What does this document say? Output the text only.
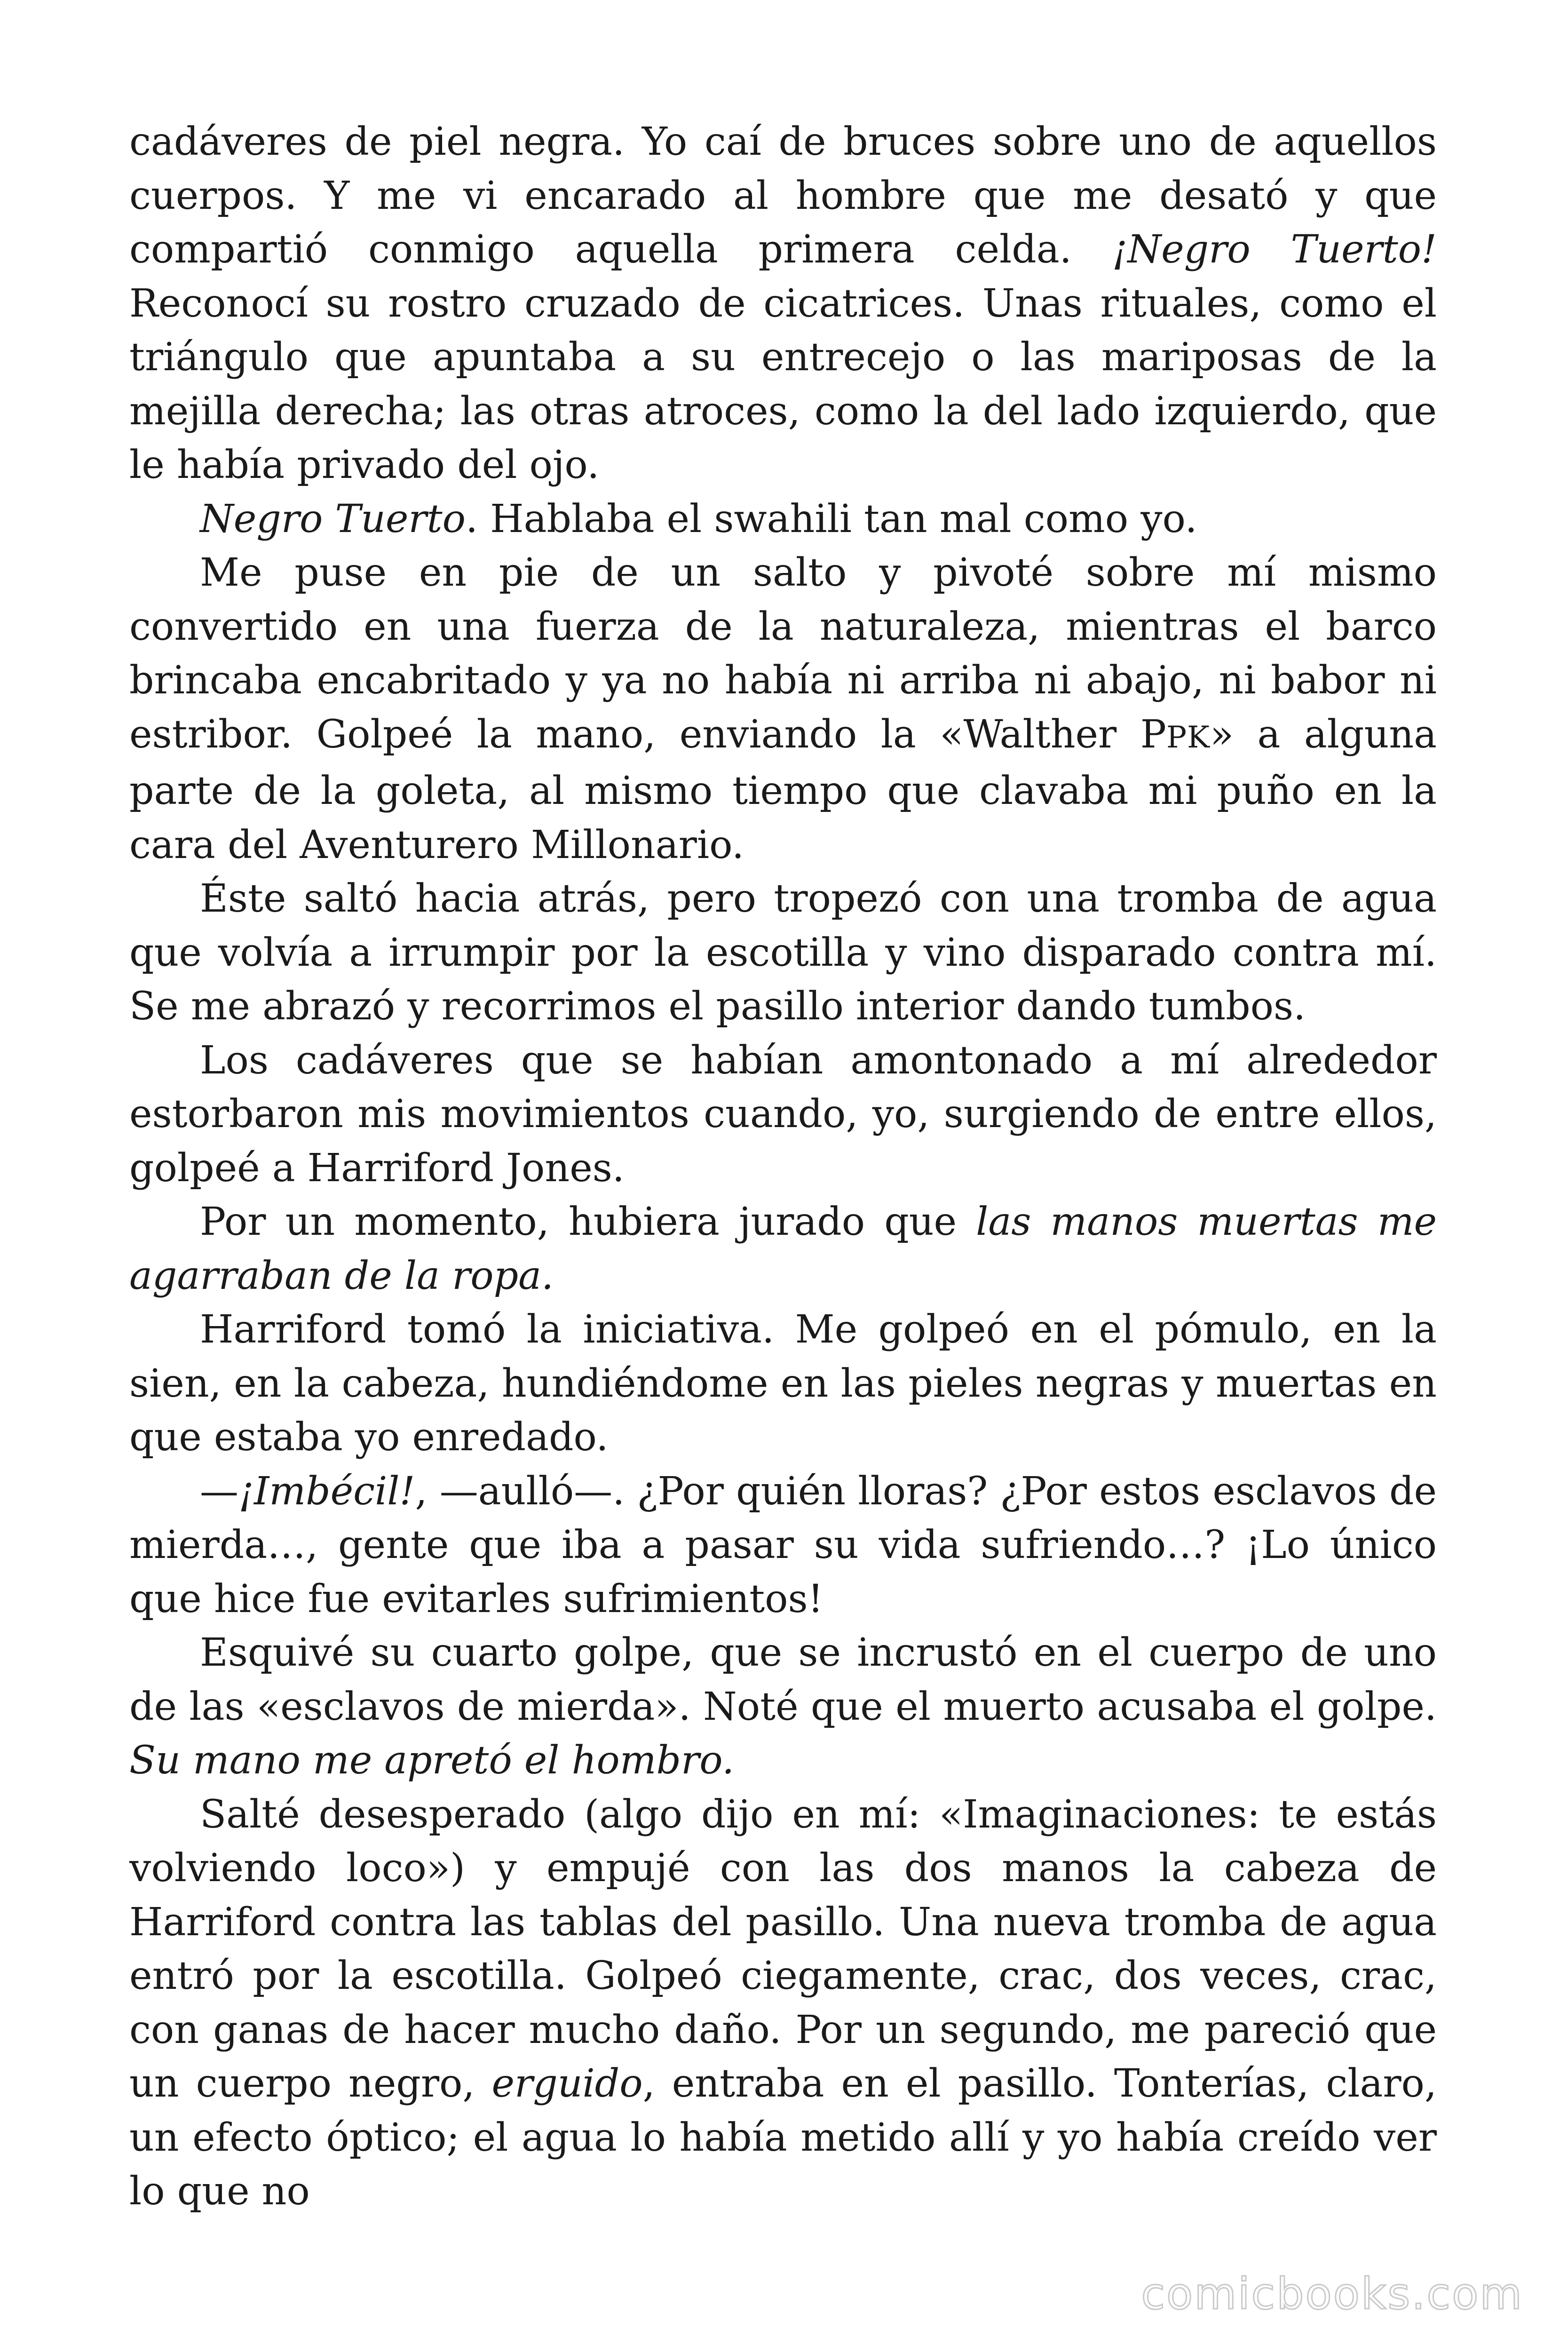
cadáveres de piel negra. Yo caí de bruces sobre uno de aquellos cuerpos. Y me vi encarado al hombre que me desató y que compartió conmigo aquella primera celda. ¡Negro Tuerto! Reconocí su rostro cruzado de cicatrices. Unas rituales, como el triángulo que apuntaba a su entrecejo o las mariposas de la mejilla derecha; las otras atroces, como la del lado izquierdo, que le había privado del ojo.

Negro Tuerto. Hablaba el swahili tan mal como yo.

Me puse en pie de un salto y pivoté sobre mí mismo convertido en una fuerza de la naturaleza, mientras el barco brincaba encabritado y ya no había ni arriba ni abajo, ni babor ni estribor. Golpeé la mano, enviando la «Walther PPK» a alguna parte de la goleta, al mismo tiempo que clavaba mi puño en la cara del Aventurero Millonario.

Éste saltó hacia atrás, pero tropezó con una tromba de agua que volvía a irrumpir por la escotilla y vino disparado contra mí. Se me abrazó y recorrimos el pasillo interior dando tumbos.

Los cadáveres que se habían amontonado a mí alrededor estorbaron mis movimientos cuando, yo, surgiendo de entre ellos, golpeé a Harriford Jones.

Por un momento, hubiera jurado que las manos muertas me agarraban de la ropa.

Harriford tomó la iniciativa. Me golpeó en el pómulo, en la sien, en la cabeza, hundiéndome en las pieles negras y muertas en que estaba yo enredado.

—¡Imbécil!, —aulló—. ¿Por quién lloras? ¿Por estos esclavos de mierda…, gente que iba a pasar su vida sufriendo…? ¡Lo único que hice fue evitarles sufrimientos!

Esquivé su cuarto golpe, que se incrustó en el cuerpo de uno de las «esclavos de mierda». Noté que el muerto acusaba el golpe. Su mano me apretó el hombro.

Salté desesperado (algo dijo en mí: «Imaginaciones: te estás volviendo loco») y empujé con las dos manos la cabeza de Harriford contra las tablas del pasillo. Una nueva tromba de agua entró por la escotilla. Golpeó ciegamente, crac, dos veces, crac, con ganas de hacer mucho daño. Por un segundo, me pareció que un cuerpo negro, erguido, entraba en el pasillo. Tonterías, claro, un efecto óptico; el agua lo había metido allí y yo había creído ver lo que no

comicbooks.com
